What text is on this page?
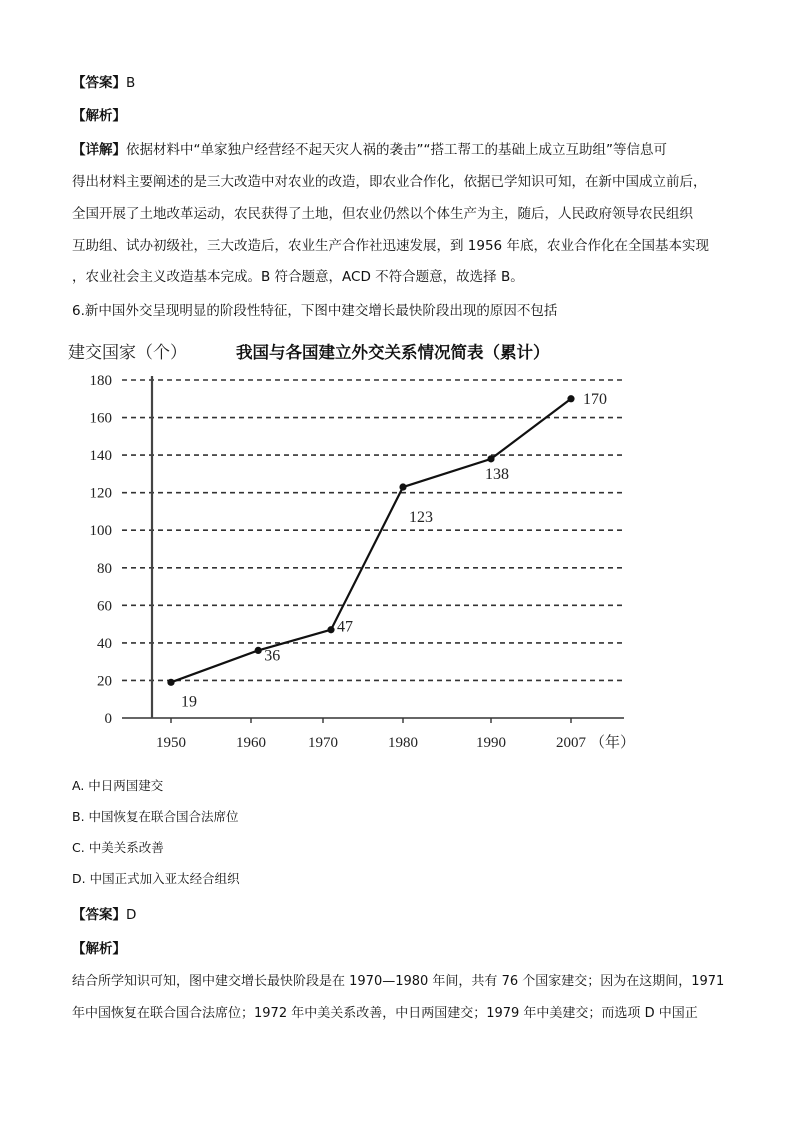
【答案】B
【解析】
【详解】依据材料中“单家独户经营经不起天灾人祸的袭击”“搭工帮工的基础上成立互助组”等信息可
得出材料主要阐述的是三大改造中对农业的改造，即农业合作化，依据已学知识可知，在新中国成立前后，
全国开展了土地改革运动，农民获得了土地，但农业仍然以个体生产为主，随后，人民政府领导农民组织
互助组、试办初级社，三大改造后，农业生产合作社迅速发展，到 1956 年底，农业合作化在全国基本实现
，农业社会主义改造基本完成。B 符合题意，ACD 不符合题意，故选择 B。
6.新中国外交呈现明显的阶段性特征，下图中建交增长最快阶段出现的原因不包括
建交国家（个）	我国与各国建立外交关系情况简表（累计）
0
20
40
60
80
100
120
140
160
180
1950	1960	1970	1980	1990	2007 （年）
19
36
47
123
138
170
A. 中日两国建交
B. 中国恢复在联合国合法席位
C. 中美关系改善
D. 中国正式加入亚太经合组织
【答案】D
【解析】
结合所学知识可知，图中建交增长最快阶段是在 1970—1980 年间，共有 76 个国家建交；因为在这期间，1971
年中国恢复在联合国合法席位；1972 年中美关系改善，中日两国建交；1979 年中美建交；而选项 D 中国正
